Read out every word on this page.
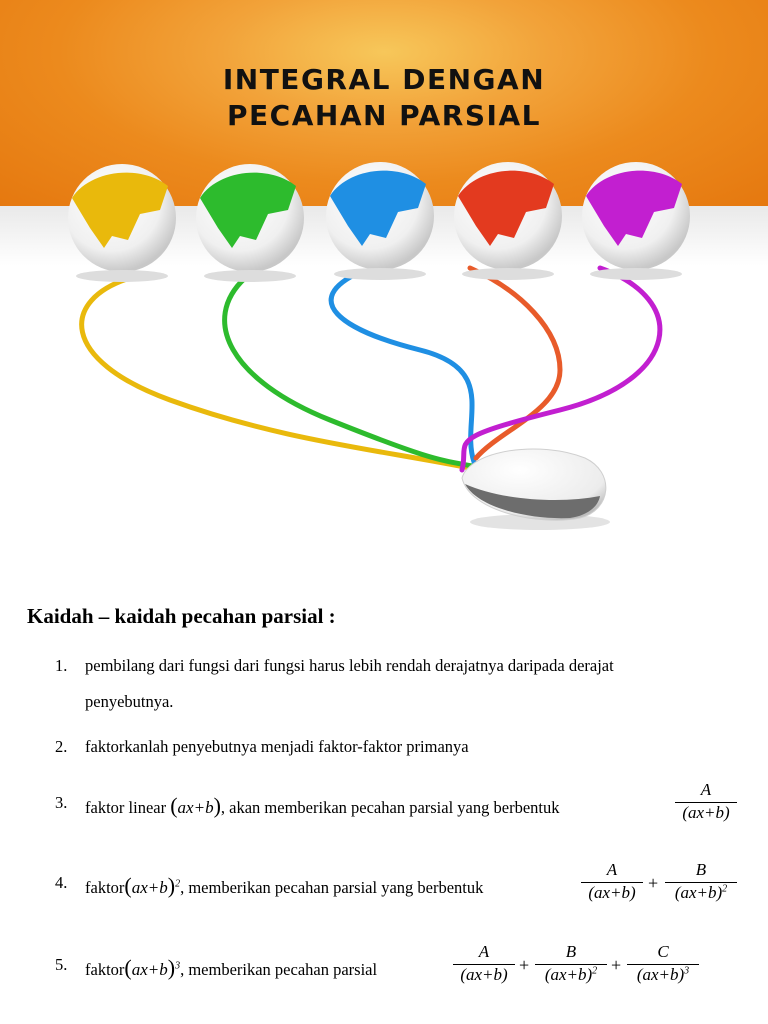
INTEGRAL DENGAN
PECAHAN PARSIAL
Kaidah – kaidah pecahan parsial :
1.	pembilang dari fungsi dari fungsi harus lebih rendah derajatnya daripada derajat
penyebutnya.
2.	faktorkanlah penyebutnya menjadi faktor-faktor primanya
3.	faktor linear (ax+b), akan memberikan pecahan parsial yang berbentuk
A
(ax+b)
4.	$faktor(ax+b)^2$, memberikan pecahan parsial yang berbentuk
A
(ax+b) +
B
$(ax+b)^2$
5.	$faktor(ax+b)^3$, memberikan pecahan parsial
A
(ax+b) +
B
$(ax+b)^2$ +
C
$(ax+b)^3$
